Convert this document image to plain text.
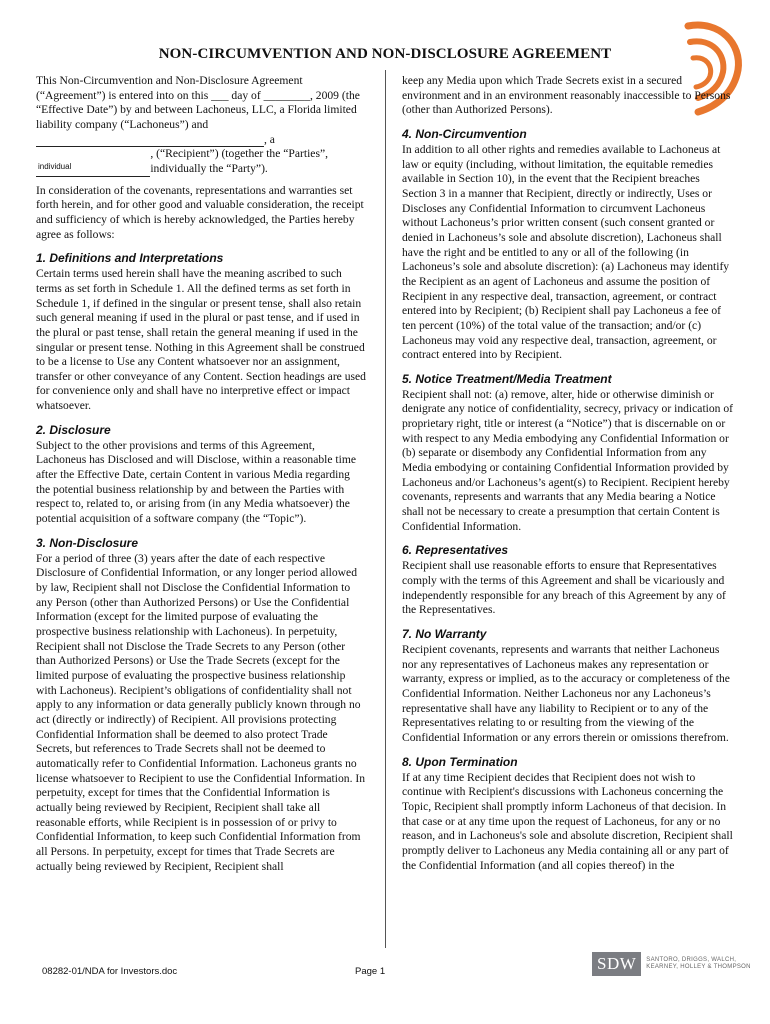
NON-CIRCUMVENTION AND NON-DISCLOSURE AGREEMENT

This Non-Circumvention and Non-Disclosure Agreement (“Agreement”) is entered into on this ___ day of ________, 2009 (the “Effective Date”) by and between Lachoneus, LLC, a Florida limited liability company (“Lachoneus”) and
, a
individual
, (“Recipient”) (together the “Parties”, individually the “Party”).

In consideration of the covenants, representations and warranties set forth herein, and for other good and valuable consideration, the receipt and sufficiency of which is hereby acknowledged, the Parties hereby agree as follows:

1. Definitions and Interpretations

Certain terms used herein shall have the meaning ascribed to such terms as set forth in Schedule 1. All the defined terms as set forth in Schedule 1, if defined in the singular or present tense, shall also retain such general meaning if used in the plural or past tense, and if used in the plural or past tense, shall retain the general meaning if used in the singular or present tense. Nothing in this Agreement shall be construed to be a license to Use any Content whatsoever nor an assignment, transfer or other conveyance of any Content. Section headings are used for convenience only and shall have no interpretive effect or impact whatsoever.

2. Disclosure

Subject to the other provisions and terms of this Agreement, Lachoneus has Disclosed and will Disclose, within a reasonable time after the Effective Date, certain Content in various Media regarding the potential business relationship by and between the Parties with respect to, related to, or arising from (in any Media whatsoever) the potential acquisition of a software company (the “Topic”).

3. Non-Disclosure

For a period of three (3) years after the date of each respective Disclosure of Confidential Information, or any longer period allowed by law, Recipient shall not Disclose the Confidential Information to any Person (other than Authorized Persons) or Use the Confidential Information (except for the limited purpose of evaluating the prospective business relationship with Lachoneus). In perpetuity, Recipient shall not Disclose the Trade Secrets to any Person (other than Authorized Persons) or Use the Trade Secrets (except for the limited purpose of evaluating the prospective business relationship with Lachoneus). Recipient’s obligations of confidentiality shall not apply to any information or data generally publicly known through no act (directly or indirectly) of Recipient. All provisions protecting Confidential Information shall be deemed to also protect Trade Secrets, but references to Trade Secrets shall not be deemed to automatically refer to Confidential Information. Lachoneus grants no license whatsoever to Recipient to use the Confidential Information. In perpetuity, except for times that the Confidential Information is actually being reviewed by Recipient, Recipient shall take all reasonable efforts, while Recipient is in possession of or privy to Confidential Information, to keep such Confidential Information from all Persons. In perpetuity, except for times that Trade Secrets are actually being reviewed by Recipient, Recipient shall

keep any Media upon which Trade Secrets exist in a secured environment and in an environment reasonably inaccessible to Persons (other than Authorized Persons).

4. Non-Circumvention

In addition to all other rights and remedies available to Lachoneus at law or equity (including, without limitation, the equitable remedies available in Section 10), in the event that the Recipient breaches Section 3 in a manner that Recipient, directly or indirectly, Uses or Discloses any Confidential Information to circumvent Lachoneus without Lachoneus’s prior written consent (such consent granted or denied in Lachoneus’s sole and absolute discretion), Lachoneus shall have the right and be entitled to any or all of the following (in Lachoneus’s sole and absolute discretion): (a) Lachoneus may identify the Recipient as an agent of Lachoneus and assume the position of Recipient in any respective deal, transaction, agreement, or contract entered into by Recipient; (b) Recipient shall pay Lachoneus a fee of ten percent (10%) of the total value of the transaction; and/or (c) Lachoneus may void any respective deal, transaction, agreement, or contract entered into by Recipient.

5. Notice Treatment/Media Treatment

Recipient shall not: (a) remove, alter, hide or otherwise diminish or denigrate any notice of confidentiality, secrecy, privacy or indication of proprietary right, title or interest (a “Notice”) that is discernable on or with respect to any Media embodying any Confidential Information or (b) separate or disembody any Confidential Information from any Media embodying or containing Confidential Information provided by Lachoneus and/or Lachoneus’s agent(s) to Recipient. Recipient hereby covenants, represents and warrants that any Media bearing a Notice shall not be necessary to create a presumption that certain Content is Confidential Information.

6. Representatives

Recipient shall use reasonable efforts to ensure that Representatives comply with the terms of this Agreement and shall be vicariously and independently responsible for any breach of this Agreement by any of the Representatives.

7. No Warranty

Recipient covenants, represents and warrants that neither Lachoneus nor any representatives of Lachoneus makes any representation or warranty, express or implied, as to the accuracy or completeness of the Confidential Information. Neither Lachoneus nor any Lachoneus’s representative shall have any liability to Recipient or to any of the Representatives relating to or resulting from the viewing of the Confidential Information or any errors therein or omissions therefrom.

8. Upon Termination

If at any time Recipient decides that Recipient does not wish to continue with Recipient's discussions with Lachoneus concerning the Topic, Recipient shall promptly inform Lachoneus of that decision. In that case or at any time upon the request of Lachoneus, for any or no reason, and in Lachoneus's sole and absolute discretion, Recipient shall promptly deliver to Lachoneus any Media containing all or any part of the Confidential Information (and all copies thereof) in the

08282-01/NDA for Investors.doc	Page 1	SDW	SANTORO, DRIGGS, WALCH,
KEARNEY, HOLLEY & THOMPSON
